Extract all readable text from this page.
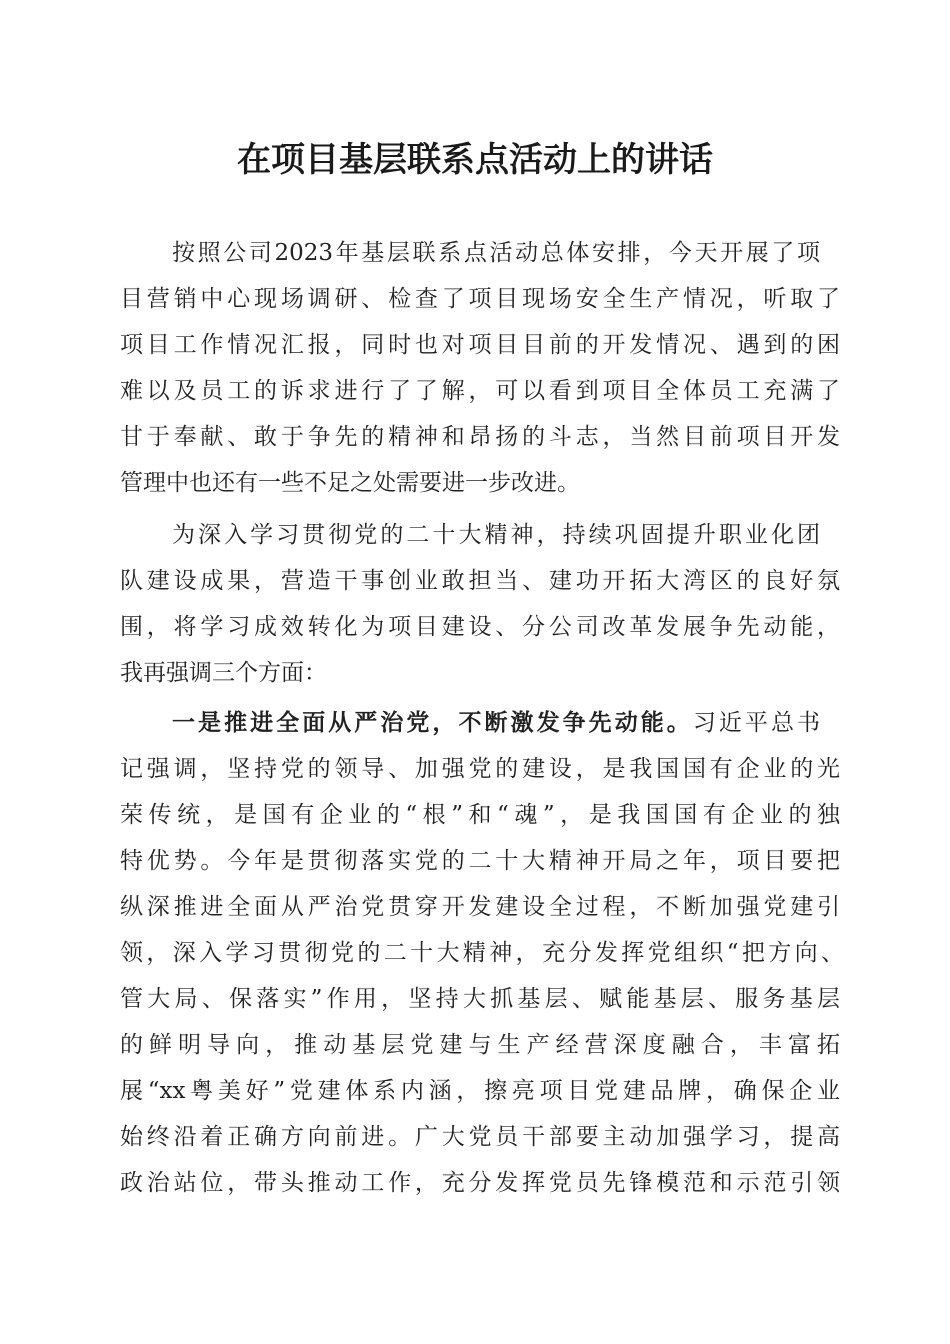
在项目基层联系点活动上的讲话
按照公司2023年基层联系点活动总体安排，今天开展了项
目营销中心现场调研、检查了项目现场安全生产情况，听取了
项目工作情况汇报，同时也对项目目前的开发情况、遇到的困
难以及员工的诉求进行了了解，可以看到项目全体员工充满了
甘于奉献、敢于争先的精神和昂扬的斗志，当然目前项目开发
管理中也还有一些不足之处需要进一步改进。
为深入学习贯彻党的二十大精神，持续巩固提升职业化团
队建设成果，营造干事创业敢担当、建功开拓大湾区的良好氛
围，将学习成效转化为项目建设、分公司改革发展争先动能，
我再强调三个方面：
一是推进全面从严治党，不断激发争先动能。习近平总书
记强调，坚持党的领导、加强党的建设，是我国国有企业的光
荣传统，是国有企业的“根”和“魂”，是我国国有企业的独
特优势。今年是贯彻落实党的二十大精神开局之年，项目要把
纵深推进全面从严治党贯穿开发建设全过程，不断加强党建引
领，深入学习贯彻党的二十大精神，充分发挥党组织“把方向、
管大局、保落实”作用，坚持大抓基层、赋能基层、服务基层
的鲜明导向，推动基层党建与生产经营深度融合，丰富拓
展“xx粤美好”党建体系内涵，擦亮项目党建品牌，确保企业
始终沿着正确方向前进。广大党员干部要主动加强学习，提高
政治站位，带头推动工作，充分发挥党员先锋模范和示范引领
